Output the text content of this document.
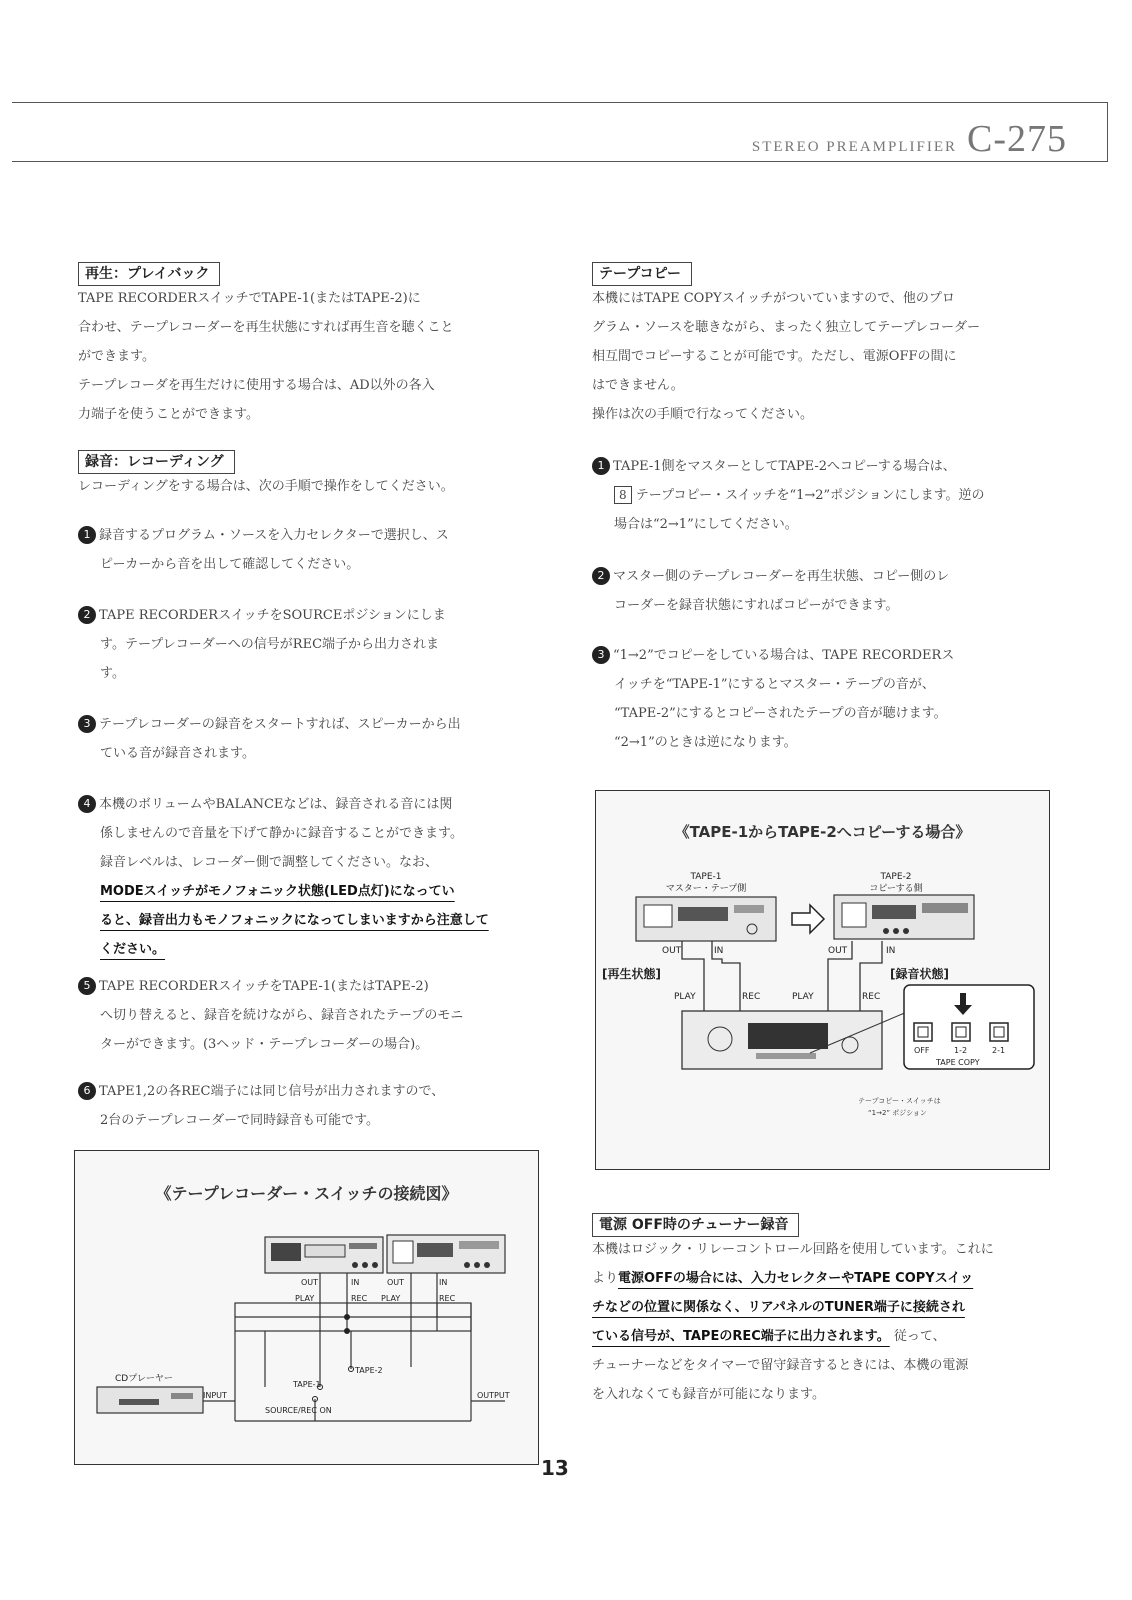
STEREO PREAMPLIFIER C-275
再生：プレイバック
TAPE RECORDERスイッチでTAPE-1(またはTAPE-2)に
合わせ、テープレコーダーを再生状態にすれば再生音を聴くこと
ができます。
テープレコーダを再生だけに使用する場合は、AD以外の各入
力端子を使うことができます。
録音：レコーディング
レコーディングをする場合は、次の手順で操作をしてください。
1 録音するプログラム・ソースを入力セレクターで選択し、ス
ピーカーから音を出して確認してください。
2 TAPE RECORDERスイッチをSOURCEポジションにしま
す。テープレコーダーへの信号がREC端子から出力されま
す。
3 テープレコーダーの録音をスタートすれば、スピーカーから出
ている音が録音されます。
4 本機のボリュームやBALANCEなどは、録音される音には関
係しませんので音量を下げて静かに録音することができます。
録音レベルは、レコーダー側で調整してください。なお、
MODEスイッチがモノフォニック状態(LED点灯)になってい
ると、録音出力もモノフォニックになってしまいますから注意して
ください。
5 TAPE RECORDERスイッチをTAPE-1(またはTAPE-2)
へ切り替えると、録音を続けながら、録音されたテープのモニ
ターができます。(3ヘッド・テープレコーダーの場合)。
6 TAPE1,2の各REC端子には同じ信号が出力されますので、
2台のテープレコーダーで同時録音も可能です。
《テープレコーダー・スイッチの接続図》
OUT	IN	OUT	IN
PLAY	REC PLAY	REC
TAPE-1
TAPE-2
SOURCE/REC ON
CDプレーヤー
INPUT	OUTPUT
テープコピー
本機にはTAPE COPYスイッチがついていますので、他のプロ
グラム・ソースを聴きながら、まったく独立してテープレコーダー
相互間でコピーすることが可能です。ただし、電源OFFの間に
はできません。
操作は次の手順で行なってください。
1 TAPE-1側をマスターとしてTAPE-2へコピーする場合は、
8 テープコピー・スイッチを“1→2”ポジションにします。逆の
場合は“2→1”にしてください。
2 マスター側のテープレコーダーを再生状態、コピー側のレ
コーダーを録音状態にすればコピーができます。
3 “1→2”でコピーをしている場合は、TAPE RECORDERス
イッチを“TAPE-1”にするとマスター・テープの音が、
“TAPE-2”にするとコピーされたテープの音が聴けます。
“2→1”のときは逆になります。
《TAPE-1からTAPE-2へコピーする場合》
TAPE-1
マスター・テープ側
TAPE-2
コピーする側
OUT	IN	OUT	IN
[再生状態]	[録音状態]
PLAY	REC	PLAY	REC
OFF	1-2	2-1
TAPE COPY
テープコピー・スイッチは
“1→2” ポジション
電源 OFF時のチューナー録音
本機はロジック・リレーコントロール回路を使用しています。これに
より電源OFFの場合には、入力セレクターやTAPE COPYスイッ
チなどの位置に関係なく、リアパネルのTUNER端子に接続され
ている信号が、TAPEのREC端子に出力されます。 従って、
チューナーなどをタイマーで留守録音するときには、本機の電源
を入れなくても録音が可能になります。
13
